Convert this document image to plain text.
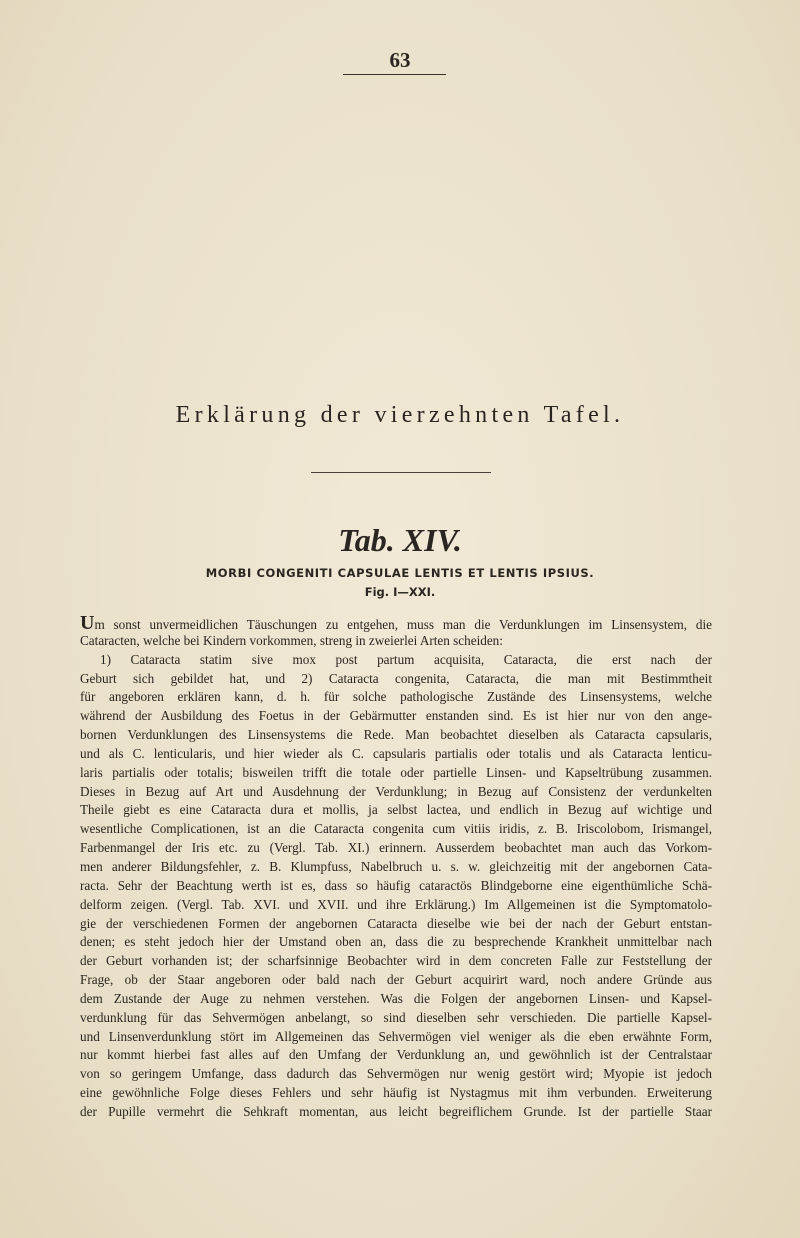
63
Erklärung der vierzehnten Tafel.
Tab. XIV.
MORBI CONGENITI CAPSULAE LENTIS ET LENTIS IPSIUS.
Fig. I—XXI.
Um sonst unvermeidlichen Täuschungen zu entgehen, muss man die Verdunklungen im Linsensystem, die
Cataracten, welche bei Kindern vorkommen, streng in zweierlei Arten scheiden:
1) Cataracta statim sive mox post partum acquisita, Cataracta, die erst nach der
Geburt sich gebildet hat, und 2) Cataracta congenita, Cataracta, die man mit Bestimmtheit
für angeboren erklären kann, d. h. für solche pathologische Zustände des Linsensystems, welche
während der Ausbildung des Foetus in der Gebärmutter enstanden sind. Es ist hier nur von den ange-
bornen Verdunklungen des Linsensystems die Rede. Man beobachtet dieselben als Cataracta capsularis,
und als C. lenticularis, und hier wieder als C. capsularis partialis oder totalis und als Cataracta lenticu-
laris partialis oder totalis; bisweilen trifft die totale oder partielle Linsen- und Kapseltrübung zusammen.
Dieses in Bezug auf Art und Ausdehnung der Verdunklung; in Bezug auf Consistenz der verdunkelten
Theile giebt es eine Cataracta dura et mollis, ja selbst lactea, und endlich in Bezug auf wichtige und
wesentliche Complicationen, ist an die Cataracta congenita cum vitiis iridis, z. B. Iriscolobom, Irismangel,
Farbenmangel der Iris etc. zu (Vergl. Tab. XI.) erinnern. Ausserdem beobachtet man auch das Vorkom-
men anderer Bildungsfehler, z. B. Klumpfuss, Nabelbruch u. s. w. gleichzeitig mit der angebornen Cata-
racta. Sehr der Beachtung werth ist es, dass so häufig cataractös Blindgeborne eine eigenthümliche Schä-
delform zeigen. (Vergl. Tab. XVI. und XVII. und ihre Erklärung.) Im Allgemeinen ist die Symptomatolo-
gie der verschiedenen Formen der angebornen Cataracta dieselbe wie bei der nach der Geburt entstan-
denen; es steht jedoch hier der Umstand oben an, dass die zu besprechende Krankheit unmittelbar nach
der Geburt vorhanden ist; der scharfsinnige Beobachter wird in dem concreten Falle zur Feststellung der
Frage, ob der Staar angeboren oder bald nach der Geburt acquirirt ward, noch andere Gründe aus
dem Zustande der Auge zu nehmen verstehen. Was die Folgen der angebornen Linsen- und Kapsel-
verdunklung für das Sehvermögen anbelangt, so sind dieselben sehr verschieden. Die partielle Kapsel-
und Linsenverdunklung stört im Allgemeinen das Sehvermögen viel weniger als die eben erwähnte Form,
nur kommt hierbei fast alles auf den Umfang der Verdunklung an, und gewöhnlich ist der Centralstaar
von so geringem Umfange, dass dadurch das Sehvermögen nur wenig gestört wird; Myopie ist jedoch
eine gewöhnliche Folge dieses Fehlers und sehr häufig ist Nystagmus mit ihm verbunden. Erweiterung
der Pupille vermehrt die Sehkraft momentan, aus leicht begreiflichem Grunde. Ist der partielle Staar
